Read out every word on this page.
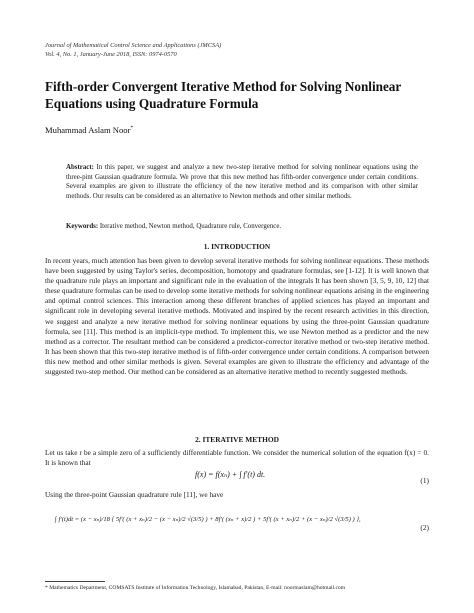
Journal of Mathematical Control Science and Applications (JMCSA)
Vol. 4, No. 1, January-June 2018, ISSN: 0974-0570
Fifth-order Convergent Iterative Method for Solving Nonlinear
Equations using Quadrature Formula
Muhammad Aslam Noor*
Abstract: In this paper, we suggest and analyze a new two-step iterative method for solving nonlinear equations using the three-pint Gaussian quadrature formula. We prove that this new method has fifth-order convergence under certain conditions. Several examples are given to illustrate the efficiency of the new iterative method and its comparison with other similar methods. Our results can be considered as an alternative to Newton methods and other similar methods.
Keywords: Iterative method, Newton method, Quadrature rule, Convergence.
1. INTRODUCTION
In recent years, much attention has been given to develop several iterative methods for solving nonlinear equations. These methods have been suggested by using Taylor's series, decomposition, homotopy and quadrature formulas, see [1-12]. It is well known that the quadrature rule plays an important and significant rule in the evaluation of the integrals It has been shown [3, 5, 9, 10, 12] that these quadrature formulas can be used to develop some iterative methods for solving nonlinear equations arising in the engineering and optimal control sciences. This interaction among these different branches of applied sciences has played an important and significant role in developing several iterative methods. Motivated and inspired by the recent research activities in this direction, we suggest and analyze a new iterative method for solving nonlinear equations by using the three-point Gaussian quadrature formula, see [11]. This method is an implicit-type method. To implement this, we use Newton method as a predictor and the new method as a corrector. The resultant method can be considered a predictor-corrector iterative method or two-step iterative method. It has been shown that this two-step iterative method is of fifth-order convergence under certain conditions. A comparison between this new method and other similar methods is given. Several examples are given to illustrate the efficiency and advantage of the suggested two-step method. Our method can be considered as an alternative iterative method to recently suggested methods.
2. ITERATIVE METHOD
Let us take r be a simple zero of a sufficiently differentiable function. We consider the numerical solution of the equation f(x) = 0. It is known that
f(x) = f(xₙ) + ∫ f′(t) dt.
(1)
Using the three-point Gaussian quadrature rule [11], we have
∫ f′(t)dt = (x − xₙ)/18 { 5f′( (x + xₙ)/2 − (x − xₙ)/2 √(3/5) ) + 8f′( (xₙ + x)/2 ) + 5f′( (x + xₙ)/2 + (x − xₙ)/2 √(3/5) ) },
(2)
* Mathematics Department, COMSATS Institute of Information Technology, Islamabad, Pakistan, E-mail: noormaslam@hotmail.com
